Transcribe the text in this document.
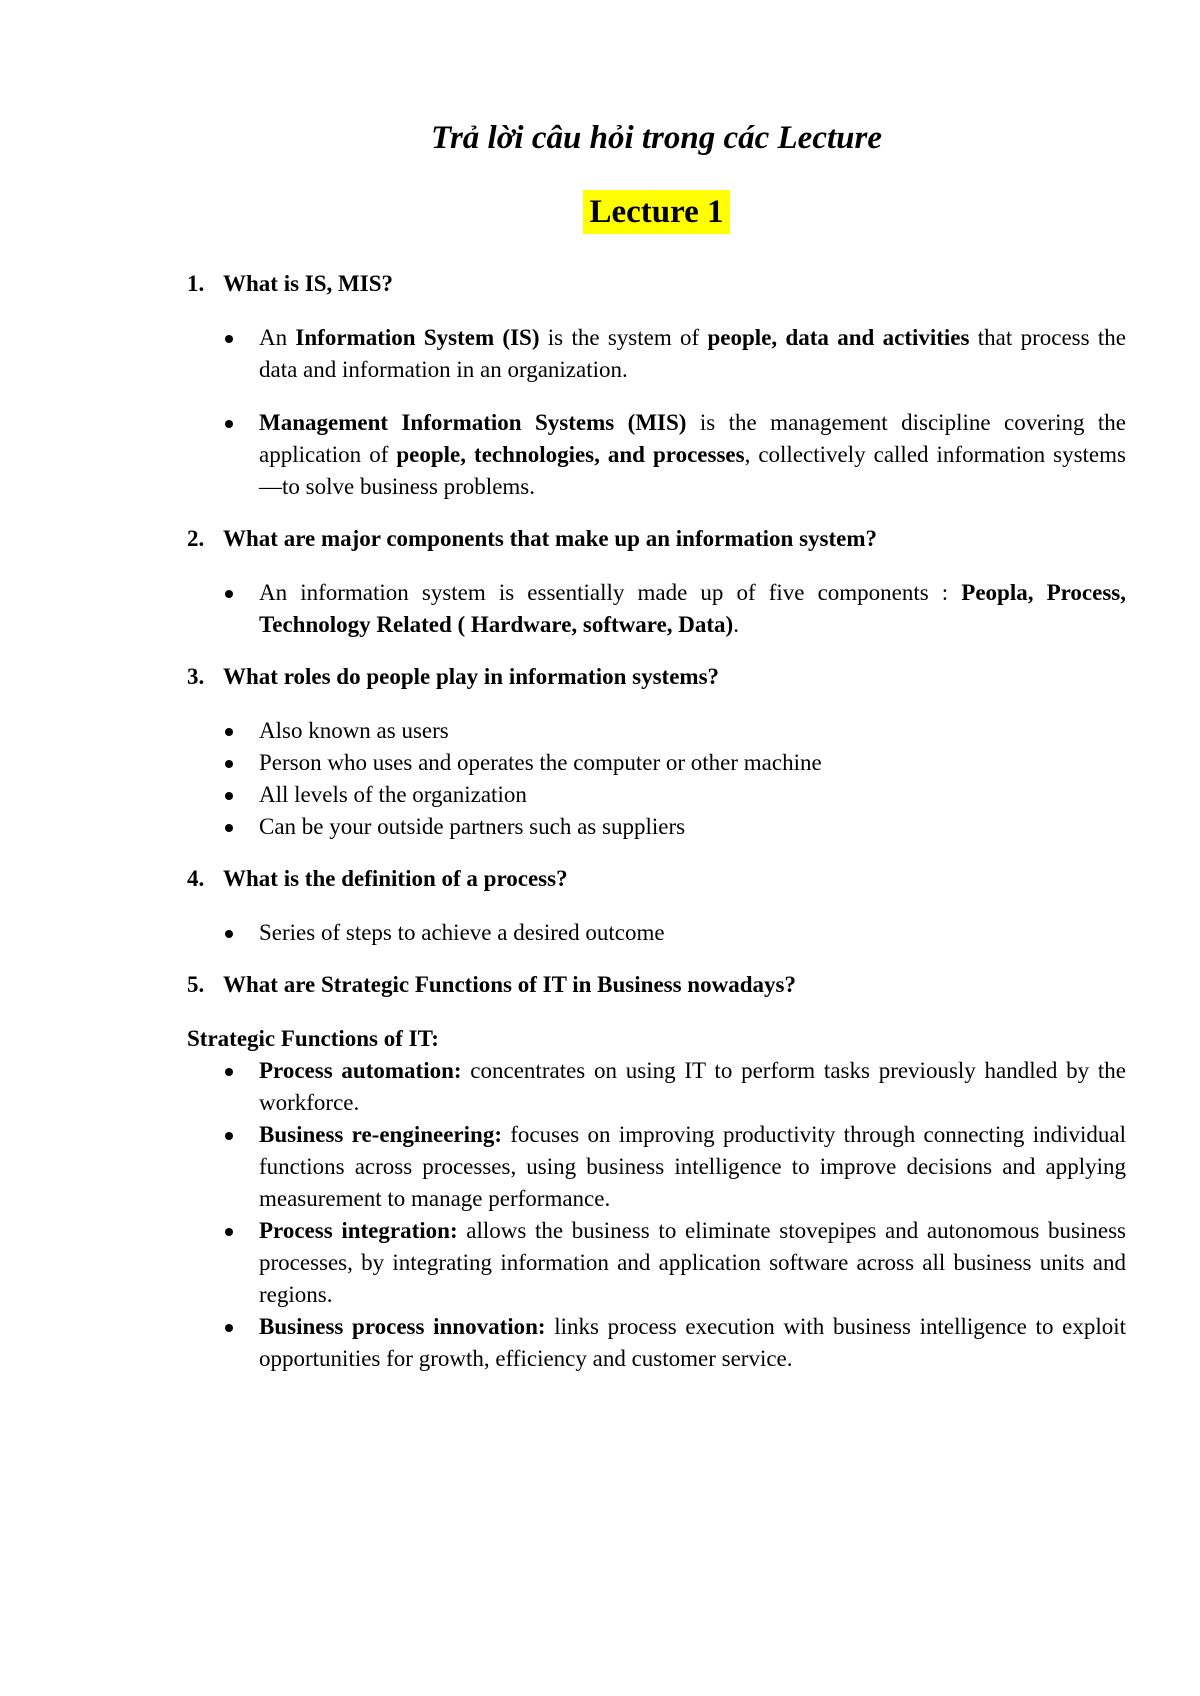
Trả lời câu hỏi trong các Lecture
Lecture 1

1. What is IS, MIS?

An Information System (IS) is the system of people, data and activities that process the data and information in an organization.
Management Information Systems (MIS) is the management discipline covering the application of people, technologies, and processes, collectively called information systems—to solve business problems.

2. What are major components that make up an information system?

An information system is essentially made up of five components : Peopla, Process, Technology Related ( Hardware, software, Data).

3. What roles do people play in information systems?

Also known as users
Person who uses and operates the computer or other machine
All levels of the organization
Can be your outside partners such as suppliers

4. What is the definition of a process?

Series of steps to achieve a desired outcome

5. What are Strategic Functions of IT in Business nowadays?

Strategic Functions of IT:

Process automation: concentrates on using IT to perform tasks previously handled by the workforce.
Business re-engineering: focuses on improving productivity through connecting individual functions across processes, using business intelligence to improve decisions and applying measurement to manage performance.
Process integration: allows the business to eliminate stovepipes and autonomous business processes, by integrating information and application software across all business units and regions.
Business process innovation: links process execution with business intelligence to exploit opportunities for growth, efficiency and customer service.
